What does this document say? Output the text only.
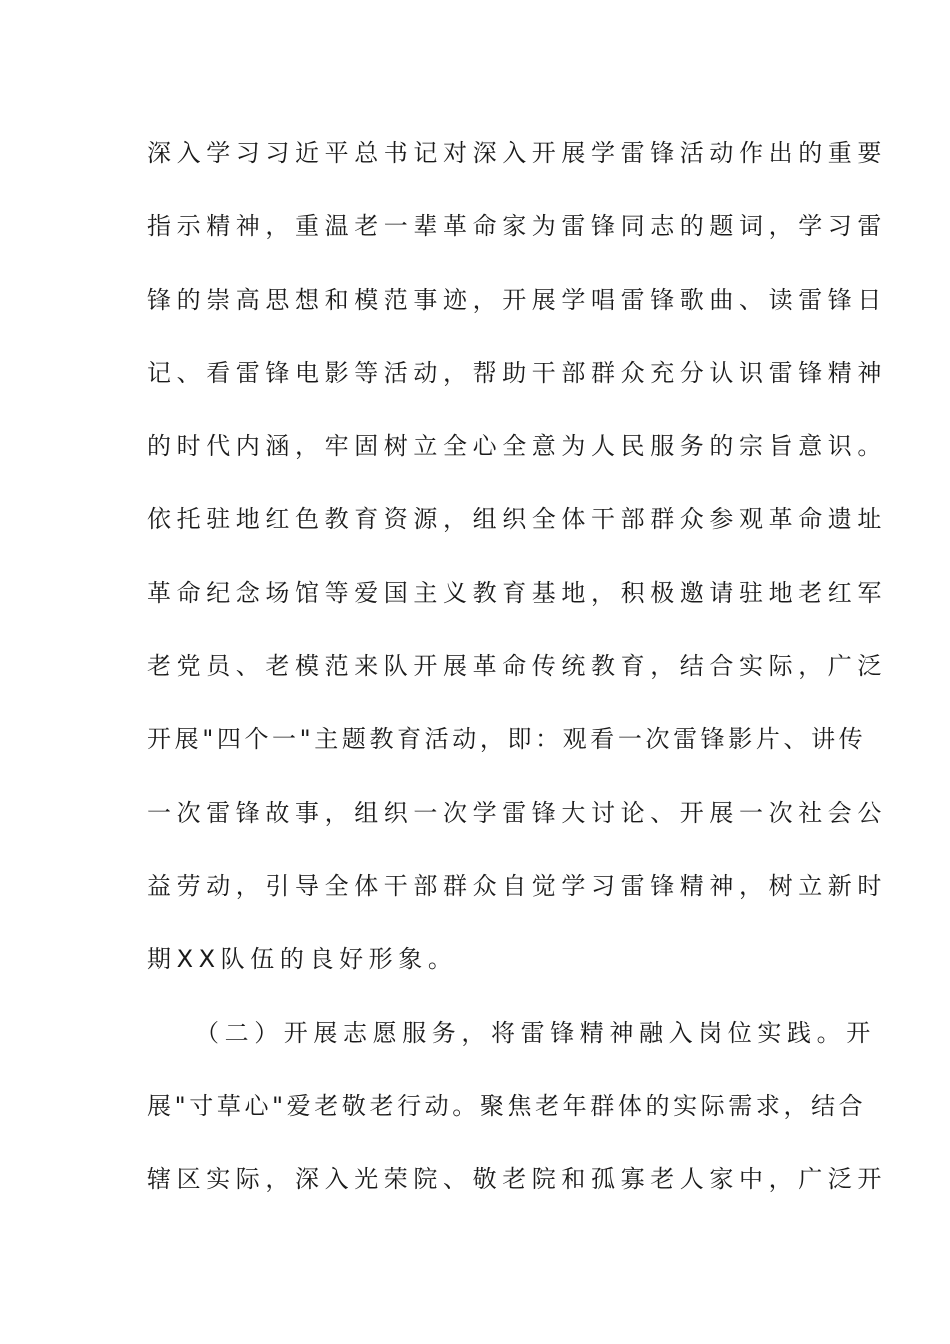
深入学习习近平总书记对深入开展学雷锋活动作出的重要
指示精神，重温老一辈革命家为雷锋同志的题词，学习雷
锋的崇高思想和模范事迹，开展学唱雷锋歌曲、读雷锋日
记、看雷锋电影等活动，帮助干部群众充分认识雷锋精神
的时代内涵，牢固树立全心全意为人民服务的宗旨意识。
依托驻地红色教育资源，组织全体干部群众参观革命遗址
革命纪念场馆等爱国主义教育基地，积极邀请驻地老红军
老党员、老模范来队开展革命传统教育，结合实际，广泛
开展"四个一"主题教育活动，即：观看一次雷锋影片、讲传
一次雷锋故事，组织一次学雷锋大讨论、开展一次社会公
益劳动，引导全体干部群众自觉学习雷锋精神，树立新时
期XX队伍的良好形象。
（二）开展志愿服务，将雷锋精神融入岗位实践。开
展"寸草心"爱老敬老行动。聚焦老年群体的实际需求，结合
辖区实际，深入光荣院、敬老院和孤寡老人家中，广泛开
